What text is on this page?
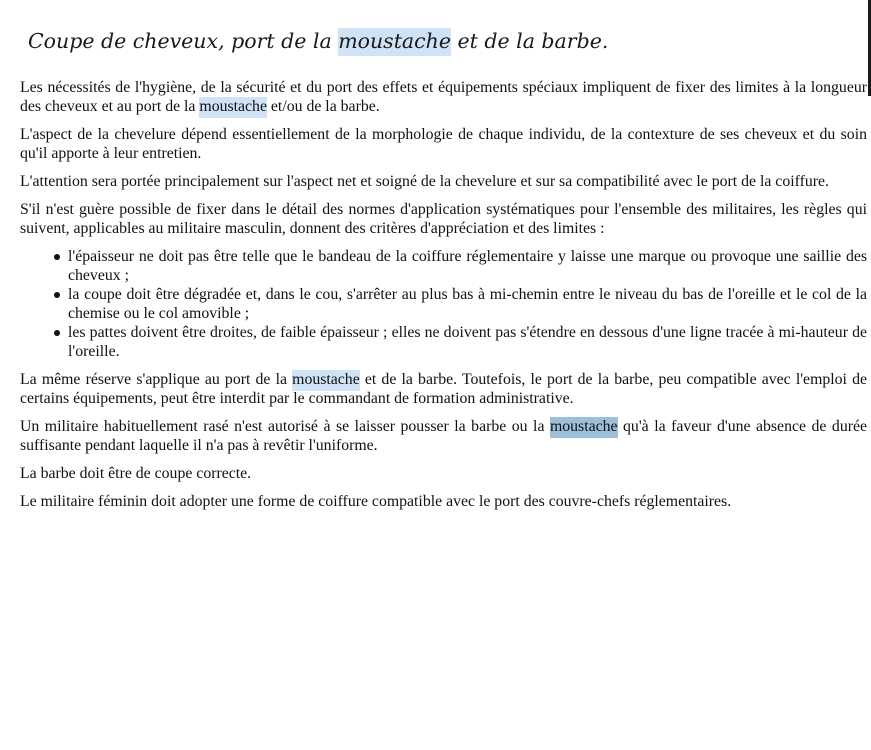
Coupe de cheveux, port de la moustache et de la barbe.

Les nécessités de l'hygiène, de la sécurité et du port des effets et équipements spéciaux impliquent de fixer des limites à la longueur des cheveux et au port de la moustache et/ou de la barbe.

L'aspect de la chevelure dépend essentiellement de la morphologie de chaque individu, de la contexture de ses cheveux et du soin qu'il apporte à leur entretien.

L'attention sera portée principalement sur l'aspect net et soigné de la chevelure et sur sa compatibilité avec le port de la coiffure.

S'il n'est guère possible de fixer dans le détail des normes d'application systématiques pour l'ensemble des militaires, les règles qui suivent, applicables au militaire masculin, donnent des critères d'appréciation et des limites :

l'épaisseur ne doit pas être telle que le bandeau de la coiffure réglementaire y laisse une marque ou provoque une saillie des cheveux ;
la coupe doit être dégradée et, dans le cou, s'arrêter au plus bas à mi-chemin entre le niveau du bas de l'oreille et le col de la chemise ou le col amovible ;
les pattes doivent être droites, de faible épaisseur ; elles ne doivent pas s'étendre en dessous d'une ligne tracée à mi-hauteur de l'oreille.

La même réserve s'applique au port de la moustache et de la barbe. Toutefois, le port de la barbe, peu compatible avec l'emploi de certains équipements, peut être interdit par le commandant de formation administrative.

Un militaire habituellement rasé n'est autorisé à se laisser pousser la barbe ou la moustache qu'à la faveur d'une absence de durée suffisante pendant laquelle il n'a pas à revêtir l'uniforme.

La barbe doit être de coupe correcte.

Le militaire féminin doit adopter une forme de coiffure compatible avec le port des couvre-chefs réglementaires.
